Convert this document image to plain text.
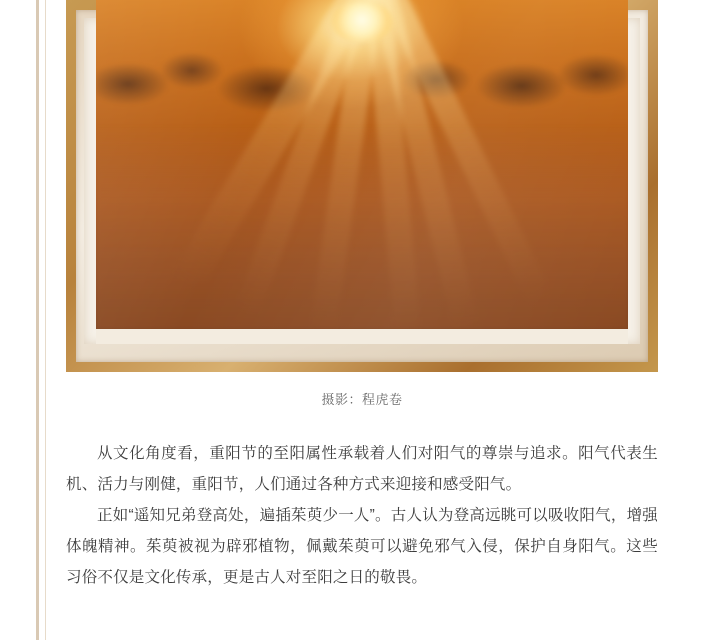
摄影：程虎卷

从文化角度看，重阳节的至阳属性承载着人们对阳气的尊崇与追求。阳气代表生机、活力与刚健，重阳节，人们通过各种方式来迎接和感受阳气。

正如“遥知兄弟登高处，遍插茱萸少一人”。古人认为登高远眺可以吸收阳气，增强体魄精神。茱萸被视为辟邪植物，佩戴茱萸可以避免邪气入侵，保护自身阳气。这些习俗不仅是文化传承，更是古人对至阳之日的敬畏。
